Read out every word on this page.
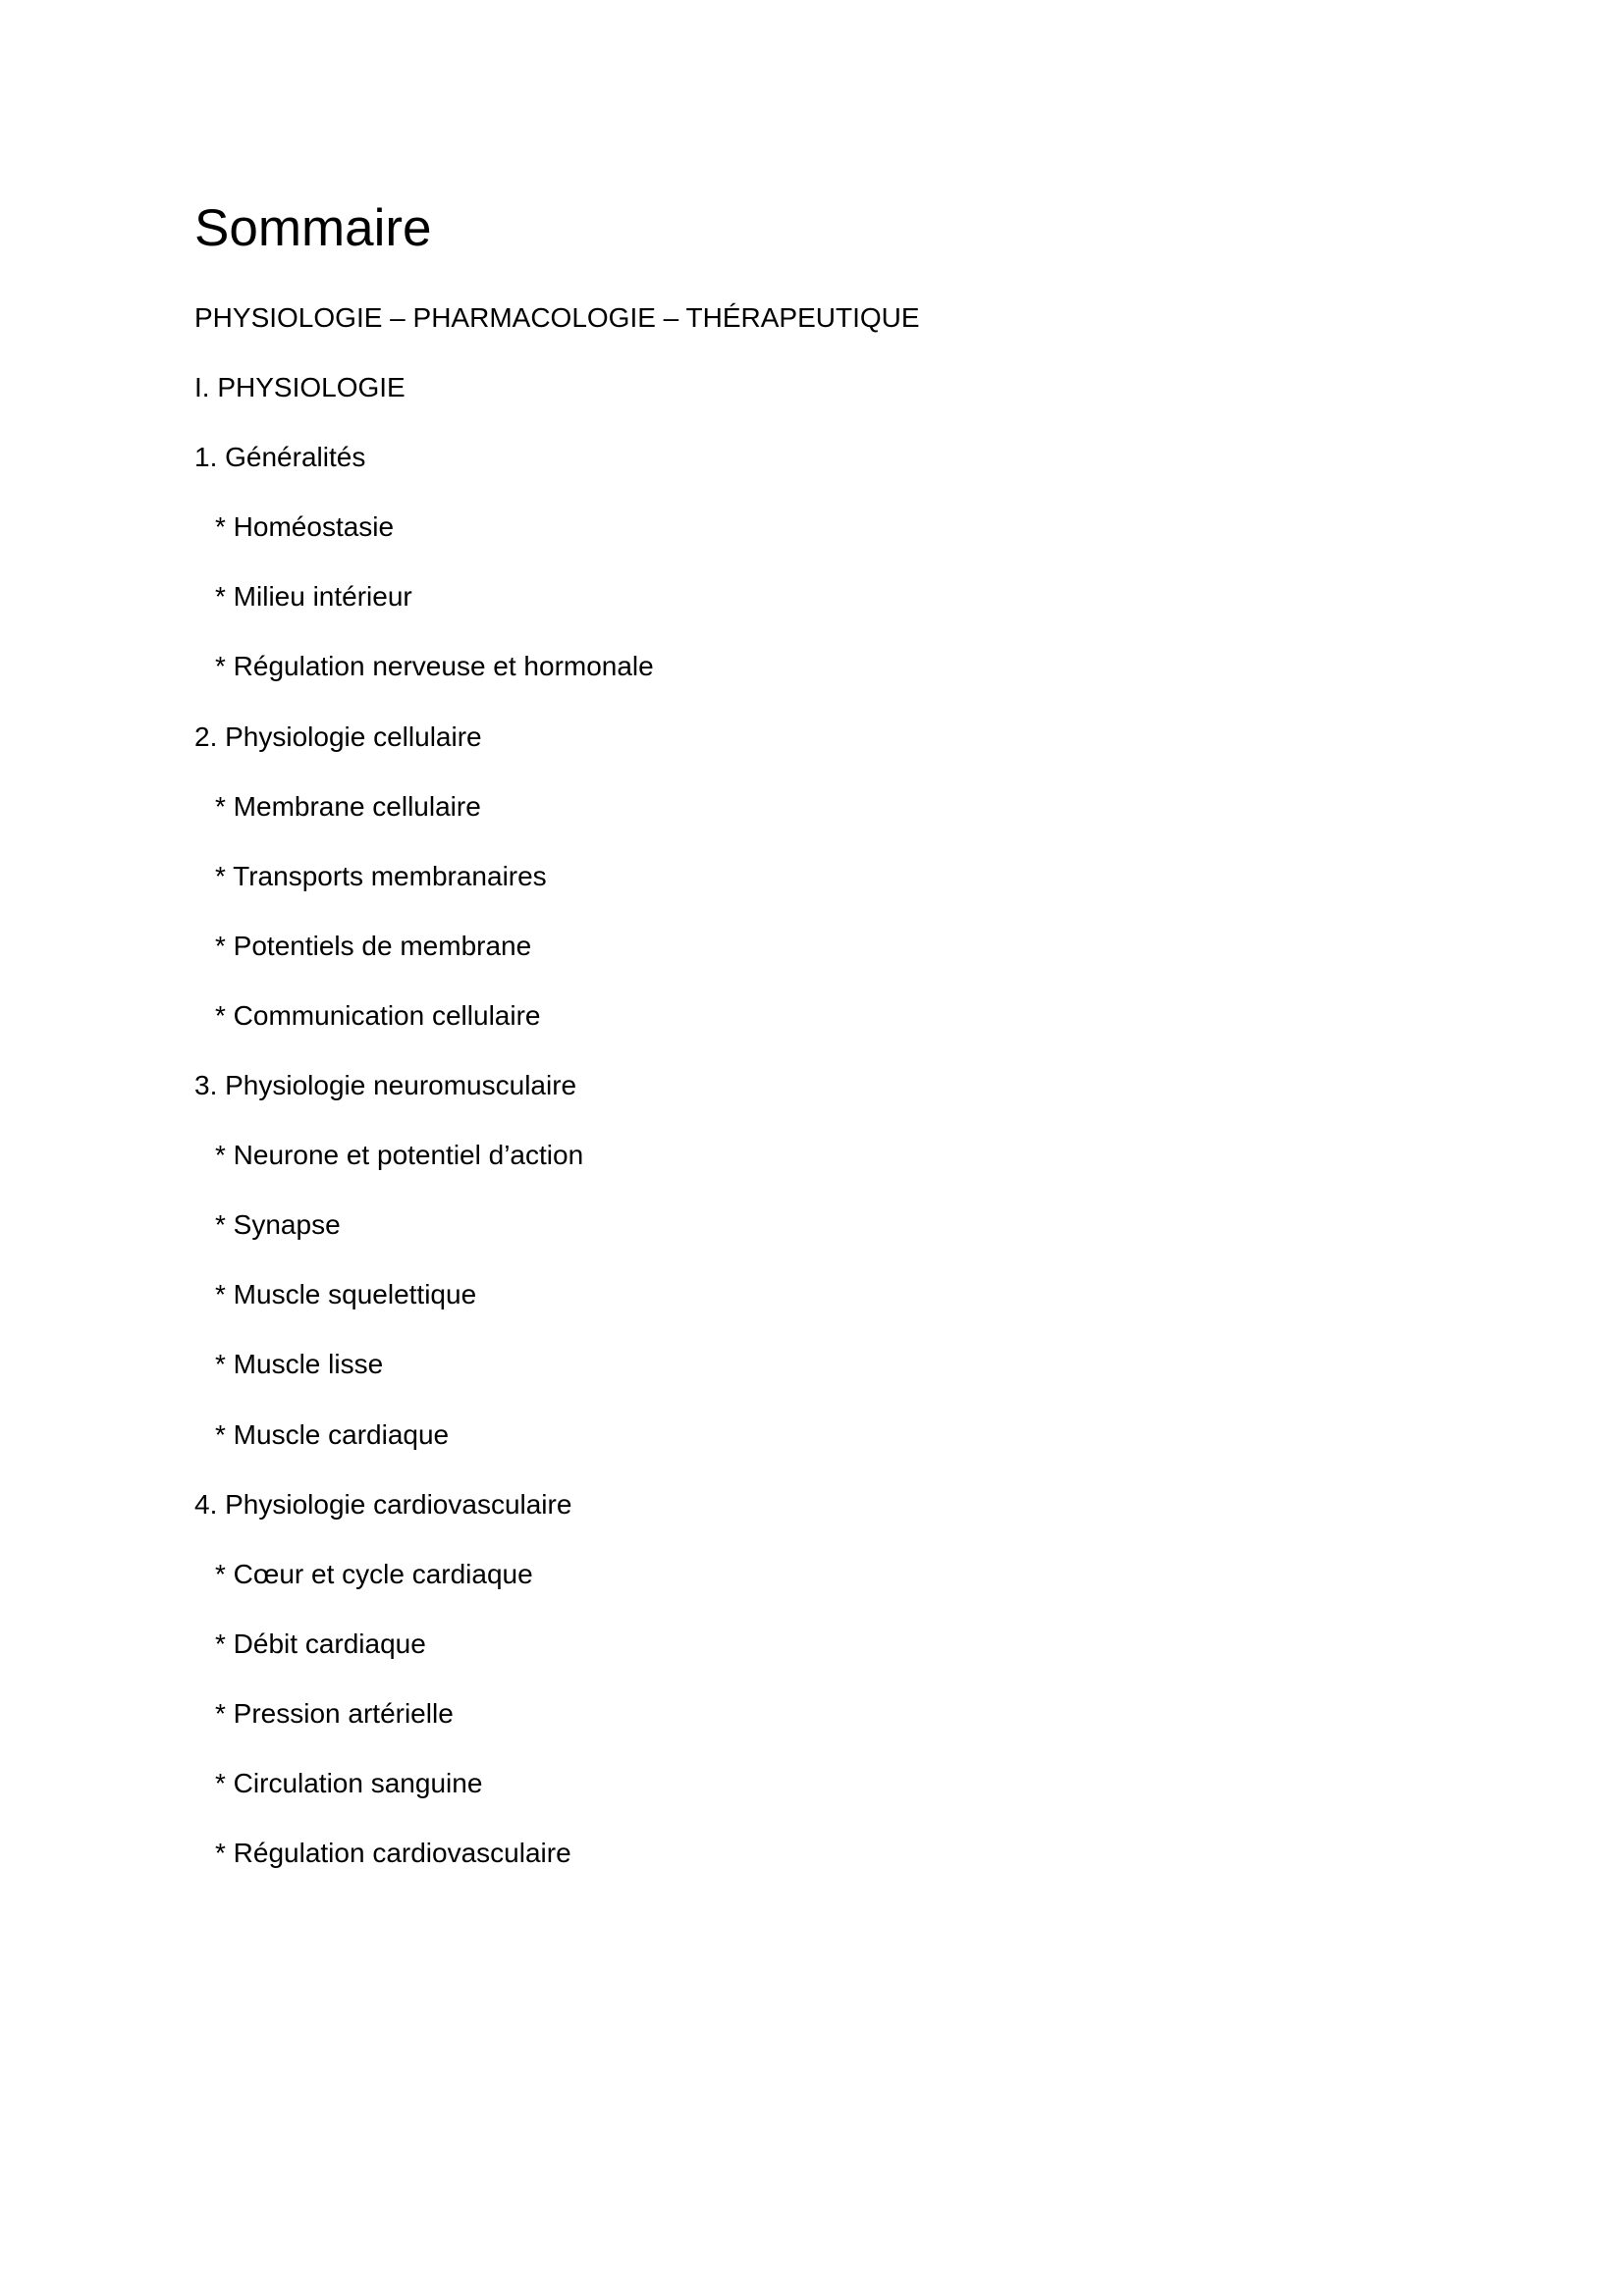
Sommaire
PHYSIOLOGIE – PHARMACOLOGIE – THÉRAPEUTIQUE
I. PHYSIOLOGIE
1. Généralités
* Homéostasie
* Milieu intérieur
* Régulation nerveuse et hormonale
2. Physiologie cellulaire
* Membrane cellulaire
* Transports membranaires
* Potentiels de membrane
* Communication cellulaire
3. Physiologie neuromusculaire
* Neurone et potentiel d’action
* Synapse
* Muscle squelettique
* Muscle lisse
* Muscle cardiaque
4. Physiologie cardiovasculaire
* Cœur et cycle cardiaque
* Débit cardiaque
* Pression artérielle
* Circulation sanguine
* Régulation cardiovasculaire
